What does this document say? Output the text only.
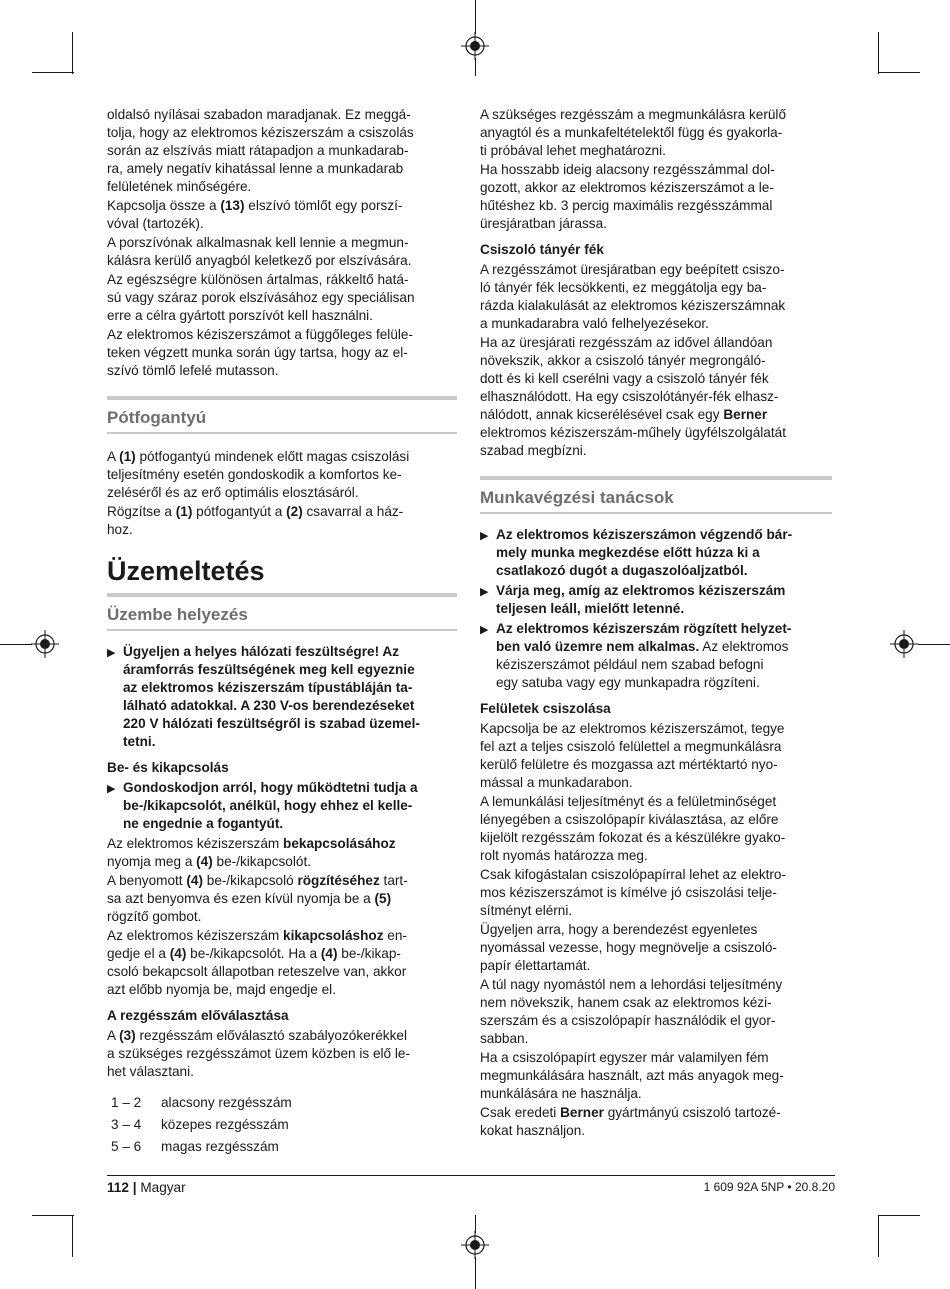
oldalsó nyílásai szabadon maradjanak. Ez meggá-
tolja, hogy az elektromos kéziszerszám a csiszolás
során az elszívás miatt rátapadjon a munkadarab-
ra, amely negatív kihatással lenne a munkadarab
felületének minőségére.

Kapcsolja össze a (13) elszívó tömlőt egy porszí-
vóval (tartozék).

A porszívónak alkalmasnak kell lennie a megmun-
kálásra kerülő anyagból keletkező por elszívására.

Az egészségre különösen ártalmas, rákkeltő hatá-
sú vagy száraz porok elszívásához egy speciálisan
erre a célra gyártott porszívót kell használni.

Az elektromos kéziszerszámot a függőleges felüle-
teken végzett munka során úgy tartsa, hogy az el-
szívó tömlő lefelé mutasson.

Pótfogantyú

A (1) pótfogantyú mindenek előtt magas csiszolási
teljesítmény esetén gondoskodik a komfortos ke-
zeléséről és az erő optimális elosztásáról.

Rögzítse a (1) pótfogantyút a (2) csavarral a ház-
hoz.

Üzemeltetés
Üzembe helyezés
▶ Ügyeljen a helyes hálózati feszültségre! Az
áramforrás feszültségének meg kell egyeznie
az elektromos kéziszerszám típustábláján ta-
lálható adatokkal. A 230 V-os berendezéseket
220 V hálózati feszültségről is szabad üzemel-
tetni.
Be- és kikapcsolás
▶ Gondoskodjon arról, hogy működtetni tudja a
be-/kikapcsolót, anélkül, hogy ehhez el kelle-
ne engednie a fogantyút.

Az elektromos kéziszerszám bekapcsolásához
nyomja meg a (4) be-/kikapcsolót.

A benyomott (4) be-/kikapcsoló rögzítéséhez tart-
sa azt benyomva és ezen kívül nyomja be a (5)
rögzítő gombot.

Az elektromos kéziszerszám kikapcsoláshoz en-
gedje el a (4) be-/kikapcsolót. Ha a (4) be-/kikap-
csoló bekapcsolt állapotban reteszelve van, akkor
azt előbb nyomja be, majd engedje el.

A rezgésszám előválasztása

A (3) rezgésszám előválasztó szabályozókerékkel
a szükséges rezgésszámot üzem közben is elő le-
het választani.

1 – 2	alacsony rezgésszám
3 – 4	közepes rezgésszám
5 – 6	magas rezgésszám

A szükséges rezgésszám a megmunkálásra kerülő
anyagtól és a munkafeltételektől függ és gyakorla-
ti próbával lehet meghatározni.

Ha hosszabb ideig alacsony rezgésszámmal dol-
gozott, akkor az elektromos kéziszerszámot a le-
hűtéshez kb. 3 percig maximális rezgésszámmal
üresjáratban járassa.

Csiszoló tányér fék

A rezgésszámot üresjáratban egy beépített csiszo-
ló tányér fék lecsökkenti, ez meggátolja egy ba-
rázda kialakulását az elektromos kéziszerszámnak
a munkadarabra való felhelyezésekor.

Ha az üresjárati rezgésszám az idővel állandóan
növekszik, akkor a csiszoló tányér megrongáló-
dott és ki kell cserélni vagy a csiszoló tányér fék
elhasználódott. Ha egy csiszolótányér-fék elhasz-
nálódott, annak kicserélésével csak egy Berner
elektromos kéziszerszám-műhely ügyfélszolgálatát
szabad megbízni.

Munkavégzési tanácsok
▶ Az elektromos kéziszerszámon végzendő bár-
mely munka megkezdése előtt húzza ki a
csatlakozó dugót a dugaszolóaljzatból.
▶ Várja meg, amíg az elektromos kéziszerszám
teljesen leáll, mielőtt letenné.
▶ Az elektromos kéziszerszám rögzített helyzet-
ben való üzemre nem alkalmas. Az elektromos
kéziszerszámot például nem szabad befogni
egy satuba vagy egy munkapadra rögzíteni.
Felületek csiszolása

Kapcsolja be az elektromos kéziszerszámot, tegye
fel azt a teljes csiszoló felülettel a megmunkálásra
kerülő felületre és mozgassa azt mértéktartó nyo-
mással a munkadarabon.

A lemunkálási teljesítményt és a felületminőséget
lényegében a csiszolópapír kiválasztása, az előre
kijelölt rezgésszám fokozat és a készülékre gyako-
rolt nyomás határozza meg.

Csak kifogástalan csiszolópapírral lehet az elektro-
mos kéziszerszámot is kímélve jó csiszolási telje-
sítményt elérni.

Ügyeljen arra, hogy a berendezést egyenletes
nyomással vezesse, hogy megnövelje a csiszoló-
papír élettartamát.

A túl nagy nyomástól nem a lehordási teljesítmény
nem növekszik, hanem csak az elektromos kézi-
szerszám és a csiszolópapír használódik el gyor-
sabban.

Ha a csiszolópapírt egyszer már valamilyen fém
megmunkálására használt, azt más anyagok meg-
munkálására ne használja.

Csak eredeti Berner gyártmányú csiszoló tartozé-
kokat használjon.

112 | Magyar	1 609 92A 5NP • 20.8.20
